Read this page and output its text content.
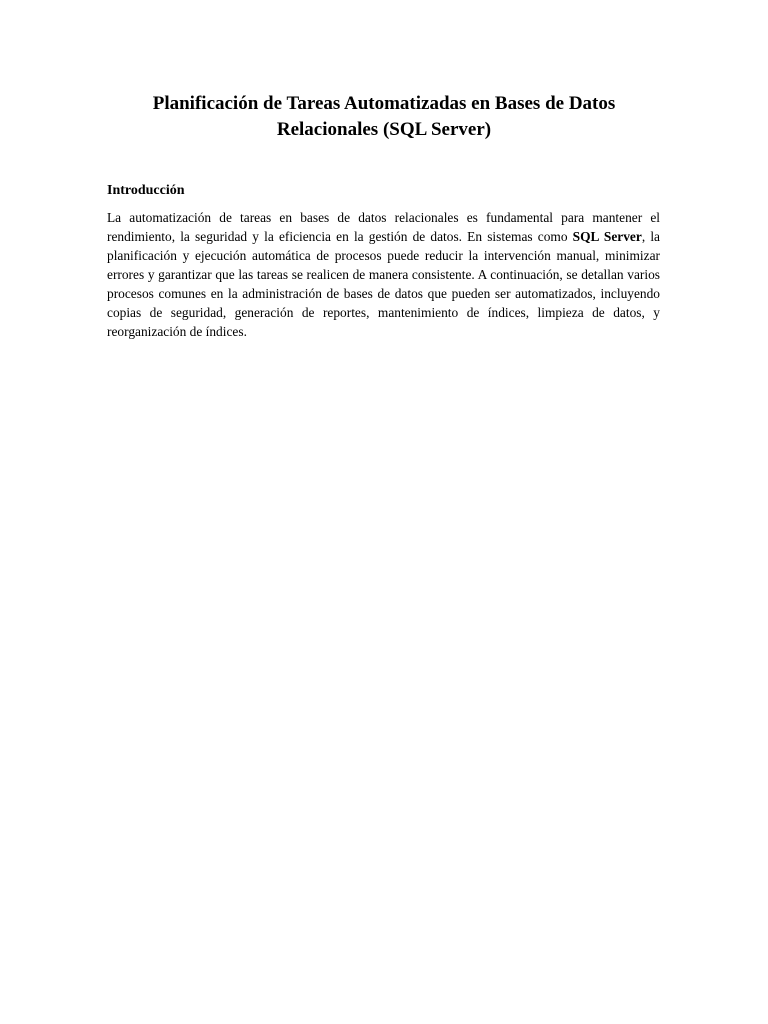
Planificación de Tareas Automatizadas en Bases de Datos
Relacionales (SQL Server)
Introducción

La automatización de tareas en bases de datos relacionales es fundamental para mantener el rendimiento, la seguridad y la eficiencia en la gestión de datos. En sistemas como SQL Server, la planificación y ejecución automática de procesos puede reducir la intervención manual, minimizar errores y garantizar que las tareas se realicen de manera consistente. A continuación, se detallan varios procesos comunes en la administración de bases de datos que pueden ser automatizados, incluyendo copias de seguridad, generación de reportes, mantenimiento de índices, limpieza de datos, y reorganización de índices.
